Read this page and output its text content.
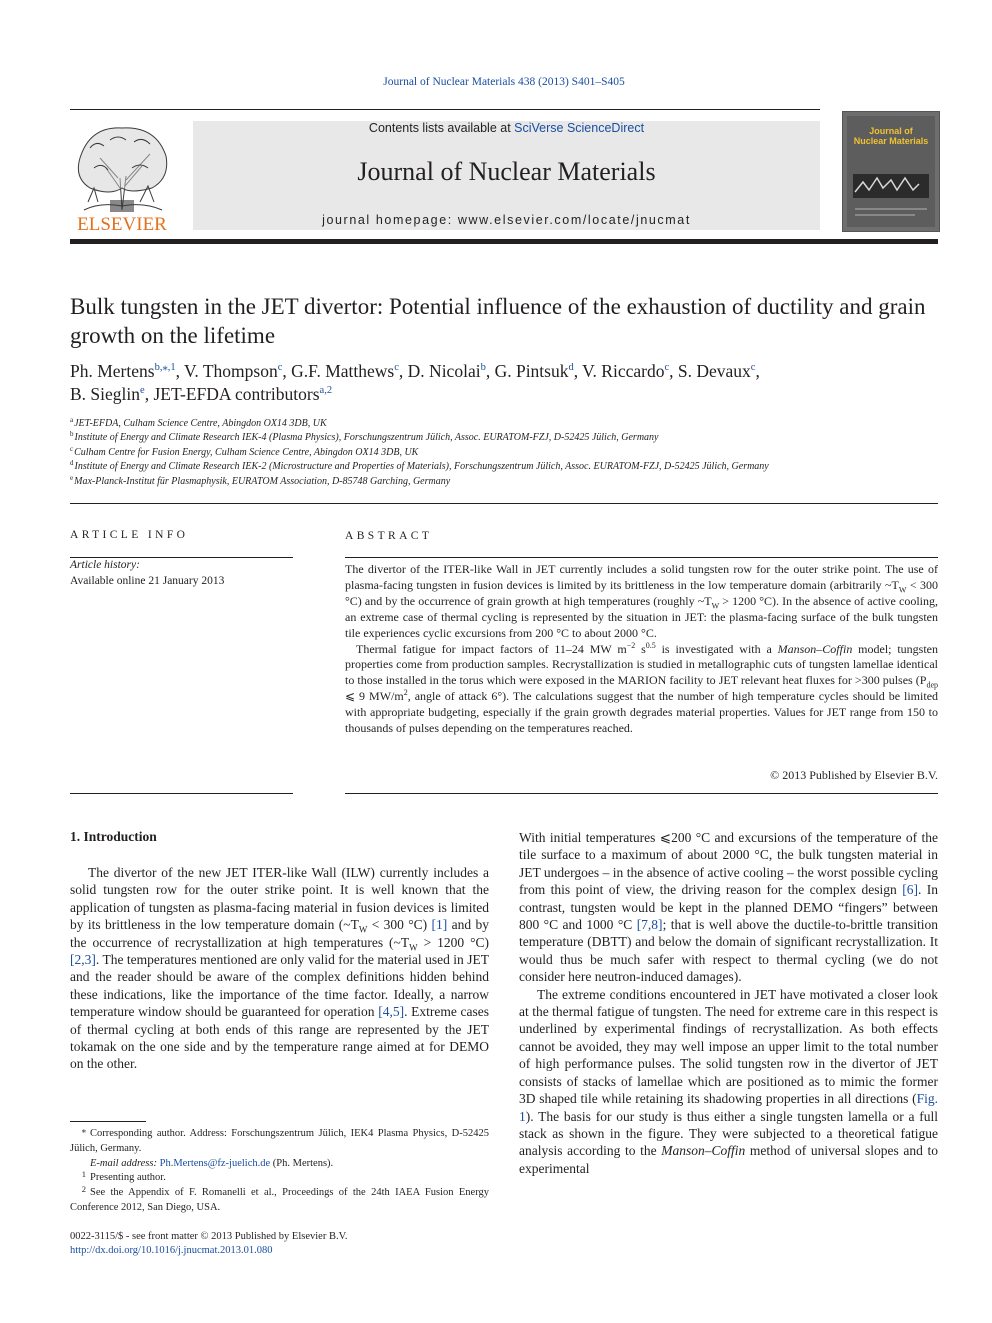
Journal of Nuclear Materials 438 (2013) S401–S405
ELSEVIER
Contents lists available at SciVerse ScienceDirect
Journal of Nuclear Materials
journal homepage: www.elsevier.com/locate/jnucmat
Journal of
Nuclear Materials
Bulk tungsten in the JET divertor: Potential influence of the exhaustion of ductility and grain growth on the lifetime
Ph. Mertens$^{b,⁎,1}$, V. Thompson$^c$, G.F. Matthews$^c$, D. Nicolai$^b$, G. Pintsuk$^d$, V. Riccardo$^c$, S. Devaux$^c$,
B. Sieglin$^e$, JET-EFDA contributors$^{a,2}$
$^a$JET-EFDA, Culham Science Centre, Abingdon OX14 3DB, UK
$^b$Institute of Energy and Climate Research IEK-4 (Plasma Physics), Forschungszentrum Jülich, Assoc. EURATOM-FZJ, D-52425 Jülich, Germany
$^c$Culham Centre for Fusion Energy, Culham Science Centre, Abingdon OX14 3DB, UK
$^d$Institute of Energy and Climate Research IEK-2 (Microstructure and Properties of Materials), Forschungszentrum Jülich, Assoc. EURATOM-FZJ, D-52425 Jülich, Germany
$^e$Max-Planck-Institut für Plasmaphysik, EURATOM Association, D-85748 Garching, Germany
ARTICLE INFO
Article history:
Available online 21 January 2013
ABSTRACT

The divertor of the ITER-like Wall in JET currently includes a solid tungsten row for the outer strike point. The use of plasma-facing tungsten in fusion devices is limited by its brittleness in the low temperature domain (arbitrarily $\sim T_W < 300$ °C) and by the occurrence of grain growth at high temperatures (roughly $\sim T_W > 1200$ °C). In the absence of active cooling, an extreme case of thermal cycling is represented by the situation in JET: the plasma-facing surface of the bulk tungsten tile experiences cyclic excursions from 200 °C to about 2000 °C.

Thermal fatigue for impact factors of 11–24 MW $m^{-2}$ $s^{0.5}$ is investigated with a Manson–Coffin model; tungsten properties come from production samples. Recrystallization is studied in metallographic cuts of tungsten lamellae identical to those installed in the torus which were exposed in the MARION facility to JET relevant heat fluxes for >300 pulses ($P_{dep}$ ⩽ 9 $MW/m^2$, angle of attack 6°). The calculations suggest that the number of high temperature cycles should be limited with appropriate budgeting, especially if the grain growth degrades material properties. Values for JET range from 150 to thousands of pulses depending on the temperatures reached.

© 2013 Published by Elsevier B.V.
1. Introduction

The divertor of the new JET ITER-like Wall (ILW) currently includes a solid tungsten row for the outer strike point. It is well known that the application of tungsten as plasma-facing material in fusion devices is limited by its brittleness in the low temperature domain ($\sim T_W < 300$ °C) [1] and by the occurrence of recrystallization at high temperatures ($\sim T_W > 1200$ °C) [2,3]. The temperatures mentioned are only valid for the material used in JET and the reader should be aware of the complex definitions hidden behind these indications, like the importance of the time factor. Ideally, a narrow temperature window should be guaranteed for operation [4,5]. Extreme cases of thermal cycling at both ends of this range are represented by the JET tokamak on the one side and by the temperature range aimed at for DEMO on the other.

With initial temperatures ⩽200 °C and excursions of the temperature of the tile surface to a maximum of about 2000 °C, the bulk tungsten material in JET undergoes – in the absence of active cooling – the worst possible cycling from this point of view, the driving reason for the complex design [6]. In contrast, tungsten would be kept in the planned DEMO “fingers” between 800 °C and 1000 °C [7,8]; that is well above the ductile-to-brittle transition temperature (DBTT) and below the domain of significant recrystallization. It would thus be much safer with respect to thermal cycling (we do not consider here neutron-induced damages).

The extreme conditions encountered in JET have motivated a closer look at the thermal fatigue of tungsten. The need for extreme care in this respect is underlined by experimental findings of recrystallization. As both effects cannot be avoided, they may well impose an upper limit to the total number of high performance pulses. The solid tungsten row in the divertor of JET consists of stacks of lamellae which are positioned as to mimic the former 3D shaped tile while retaining its shadowing properties in all directions (Fig. 1). The basis for our study is thus either a single tungsten lamella or a full stack as shown in the figure. They were subjected to a theoretical fatigue analysis according to the Manson–Coffin method of universal slopes and to experimental

⁎ Corresponding author. Address: Forschungszentrum Jülich, IEK4 Plasma Physics, D-52425 Jülich, Germany.
E-mail address: Ph.Mertens@fz-juelich.de (Ph. Mertens).
1 Presenting author.
2 See the Appendix of F. Romanelli et al., Proceedings of the 24th IAEA Fusion Energy Conference 2012, San Diego, USA.
0022-3115/$ - see front matter © 2013 Published by Elsevier B.V.
http://dx.doi.org/10.1016/j.jnucmat.2013.01.080
